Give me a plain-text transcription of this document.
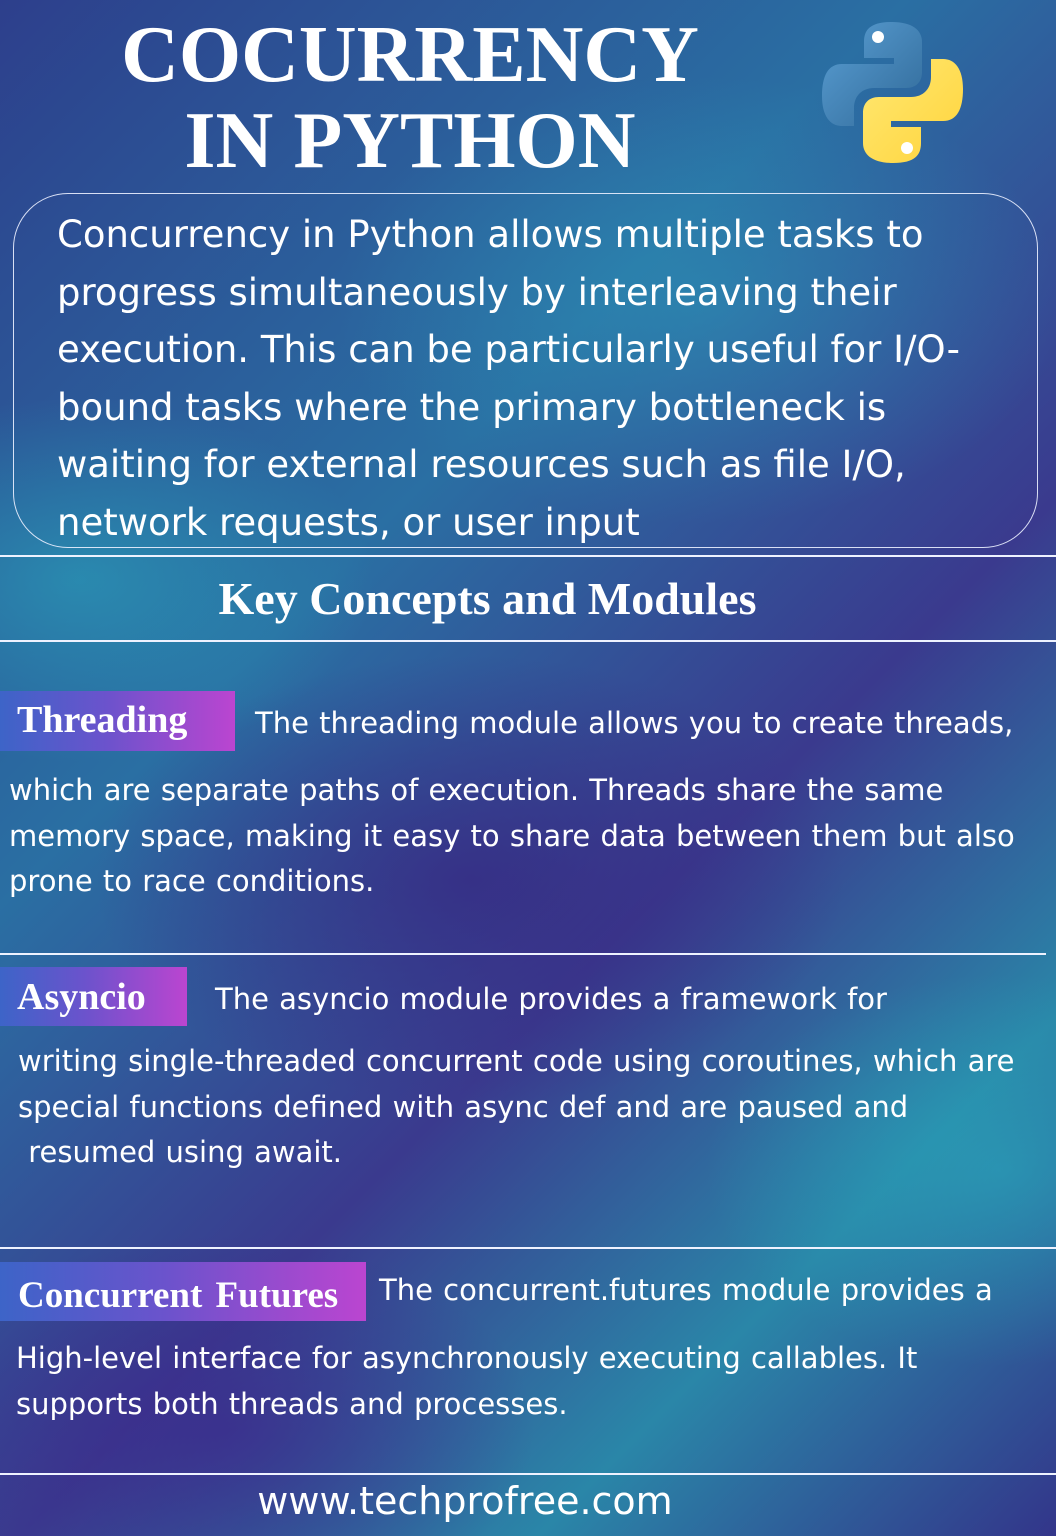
COCURRENCY
IN PYTHON
Concurrency in Python allows multiple tasks to
progress simultaneously by interleaving their
execution. This can be particularly useful for I/O-
bound tasks where the primary bottleneck is
waiting for external resources such as file I/O,
network requests, or user input
Key Concepts and Modules
Threading	The threading module allows you to create threads,
which are separate paths of execution. Threads share the same
memory space, making it easy to share data between them but also
prone to race conditions.
Asyncio	The asyncio module provides a framework for
writing single-threaded concurrent code using coroutines, which are
special functions defined with async def and are paused and
resumed using await.
Concurrent Futures	The concurrent.futures module provides a
High-level interface for asynchronously executing callables. It
supports both threads and processes.
www.techprofree.com
